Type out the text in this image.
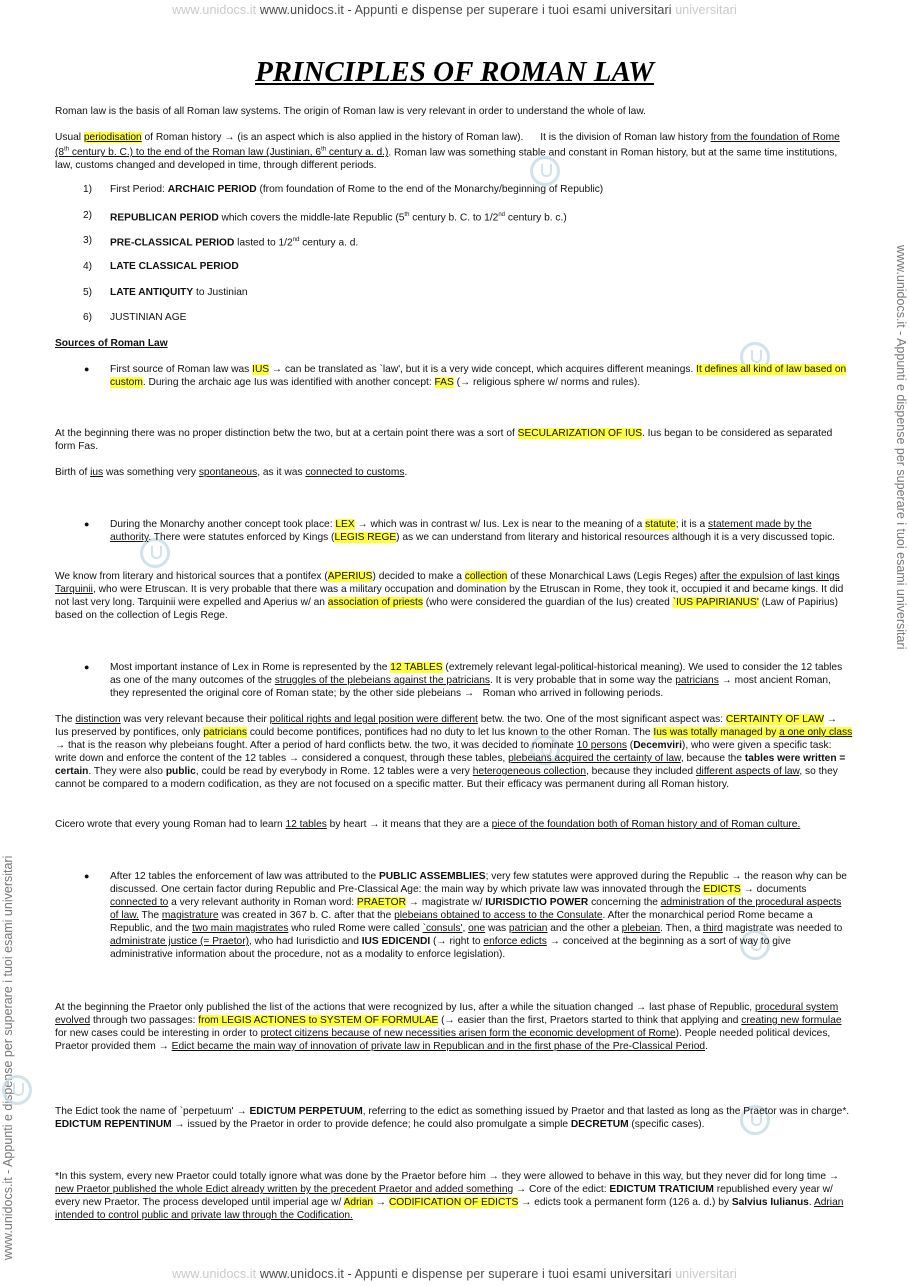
www.unidocs.it www.unidocs.it - Appunti e dispense per superare i tuoi esami universitari universitari
www.unidocs.it www.unidocs.it - Appunti e dispense per superare i tuoi esami universitari universitari
www.unidocs.it - Appunti e dispense per superare i tuoi esami universitari
www.unidocs.it - Appunti e dispense per superare i tuoi esami universitari
PRINCIPLES OF ROMAN LAW

Roman law is the basis of all Roman law systems. The origin of Roman law is very relevant in order to understand the whole of law.

Usual periodisation of Roman history → (is an aspect which is also applied in the history of Roman law).      It is the division of Roman law history from the foundation of Rome (8th century b. C.) to the end of the Roman law (Justinian, 6th century a. d.). Roman law was something stable and constant in Roman history, but at the same time institutions, law, customs changed and developed in time, through different periods.

1) First Period: ARCHAIC PERIOD (from foundation of Rome to the end of the Monarchy/beginning of Republic)

2) REPUBLICAN PERIOD which covers the middle-late Republic (5th century b. C. to 1/2nd century b. c.)

3) PRE-CLASSICAL PERIOD lasted to 1/2nd century a. d.

4) LATE CLASSICAL PERIOD

5) LATE ANTIQUITY to Justinian

6) JUSTINIAN AGE

Sources of Roman Law

● First source of Roman law was IUS → can be translated as `law', but it is a very wide concept, which acquires different meanings. It defines all kind of law based on custom. During the archaic age Ius was identified with another concept: FAS (→ religious sphere w/ norms and rules).

At the beginning there was no proper distinction betw the two, but at a certain point there was a sort of SECULARIZATION OF IUS. Ius began to be considered as separated form Fas.

Birth of ius was something very spontaneous, as it was connected to customs.

● During the Monarchy another concept took place: LEX → which was in contrast w/ Ius. Lex is near to the meaning of a statute; it is a statement made by the authority. There were statutes enforced by Kings (LEGIS REGE) as we can understand from literary and historical resources although it is a very discussed topic.

We know from literary and historical sources that a pontifex (APERIUS) decided to make a collection of these Monarchical Laws (Legis Reges) after the expulsion of last kings Tarquinii, who were Etruscan. It is very probable that there was a military occupation and domination by the Etruscan in Rome, they took it, occupied it and became kings. It did not last very long. Tarquinii were expelled and Aperius w/ an association of priests (who were considered the guardian of the Ius) created `IUS PAPIRIANUS' (Law of Papirius) based on the collection of Legis Rege.

● Most important instance of Lex in Rome is represented by the 12 TABLES (extremely relevant legal-political-historical meaning). We used to consider the 12 tables as one of the many outcomes of the struggles of the plebeians against the patricians. It is very probable that in some way the patricians → most ancient Roman, they represented the original core of Roman state; by the other side plebeians →   Roman who arrived in following periods.

The distinction was very relevant because their political rights and legal position were different betw. the two. One of the most significant aspect was: CERTAINTY OF LAW → Ius preserved by pontifices, only patricians could become pontifices, pontifices had no duty to let Ius known to the other Roman. The Ius was totally managed by a one only class → that is the reason why plebeians fought. After a period of hard conflicts betw. the two, it was decided to nominate 10 persons (Decemviri), who were given a specific task: write down and enforce the content of the 12 tables → considered a conquest, through these tables, plebeians acquired the certainty of law, because the tables were written = certain. They were also public, could be read by everybody in Rome. 12 tables were a very heterogeneous collection, because they included different aspects of law, so they cannot be compared to a modern codification, as they are not focused on a specific matter. But their efficacy was permanent during all Roman history.

Cicero wrote that every young Roman had to learn 12 tables by heart → it means that they are a piece of the foundation both of Roman history and of Roman culture.

● After 12 tables the enforcement of law was attributed to the PUBLIC ASSEMBLIES; very few statutes were approved during the Republic → the reason why can be discussed. One certain factor during Republic and Pre-Classical Age: the main way by which private law was innovated through the EDICTS → documents connected to a very relevant authority in Roman word: PRAETOR → magistrate w/ IURISDICTIO POWER concerning the administration of the procedural aspects of law. The magistrature was created in 367 b. C. after that the plebeians obtained to access to the Consulate. After the monarchical period Rome became a Republic, and the two main magistrates who ruled Rome were called `consuls', one was patrician and the other a plebeian. Then, a third magistrate was needed to administrate justice (= Praetor), who had Iurisdictio and IUS EDICENDI (→ right to enforce edicts → conceived at the beginning as a sort of way to give administrative information about the procedure, not as a modality to enforce legislation).

At the beginning the Praetor only published the list of the actions that were recognized by Ius, after a while the situation changed → last phase of Republic, procedural system evolved through two passages: from LEGIS ACTIONES to SYSTEM OF FORMULAE (→ easier than the first, Praetors started to think that applying and creating new formulae for new cases could be interesting in order to protect citizens because of new necessities arisen form the economic development of Rome). People needed political devices, Praetor provided them → Edict became the main way of innovation of private law in Republican and in the first phase of the Pre-Classical Period.

The Edict took the name of `perpetuum' → EDICTUM PERPETUUM, referring to the edict as something issued by Praetor and that lasted as long as the Praetor was in charge*. EDICTUM REPENTINUM → issued by the Praetor in order to provide defence; he could also promulgate a simple DECRETUM (specific cases).

*In this system, every new Praetor could totally ignore what was done by the Praetor before him → they were allowed to behave in this way, but they never did for long time → new Praetor published the whole Edict already written by the precedent Praetor and added something → Core of the edict: EDICTUM TRATICIUM republished every year w/ every new Praetor. The process developed until imperial age w/ Adrian → CODIFICATION OF EDICTS → edicts took a permanent form (126 a. d.) by Salvius Iulianus. Adrian intended to control public and private law through the Codification.
